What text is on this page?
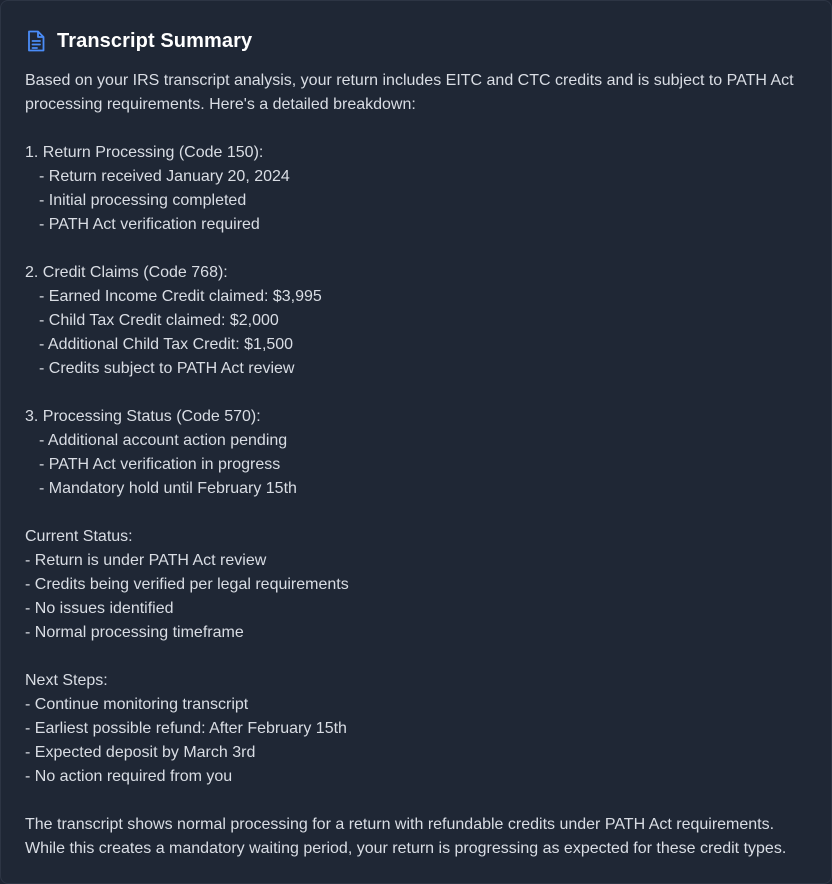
Transcript Summary
Based on your IRS transcript analysis, your return includes EITC and CTC credits and is subject to PATH Act
processing requirements. Here's a detailed breakdown:
1. Return Processing (Code 150):
- Return received January 20, 2024
- Initial processing completed
- PATH Act verification required
2. Credit Claims (Code 768):
- Earned Income Credit claimed: $3,995
- Child Tax Credit claimed: $2,000
- Additional Child Tax Credit: $1,500
- Credits subject to PATH Act review
3. Processing Status (Code 570):
- Additional account action pending
- PATH Act verification in progress
- Mandatory hold until February 15th
Current Status:
- Return is under PATH Act review
- Credits being verified per legal requirements
- No issues identified
- Normal processing timeframe
Next Steps:
- Continue monitoring transcript
- Earliest possible refund: After February 15th
- Expected deposit by March 3rd
- No action required from you
The transcript shows normal processing for a return with refundable credits under PATH Act requirements.
While this creates a mandatory waiting period, your return is progressing as expected for these credit types.
